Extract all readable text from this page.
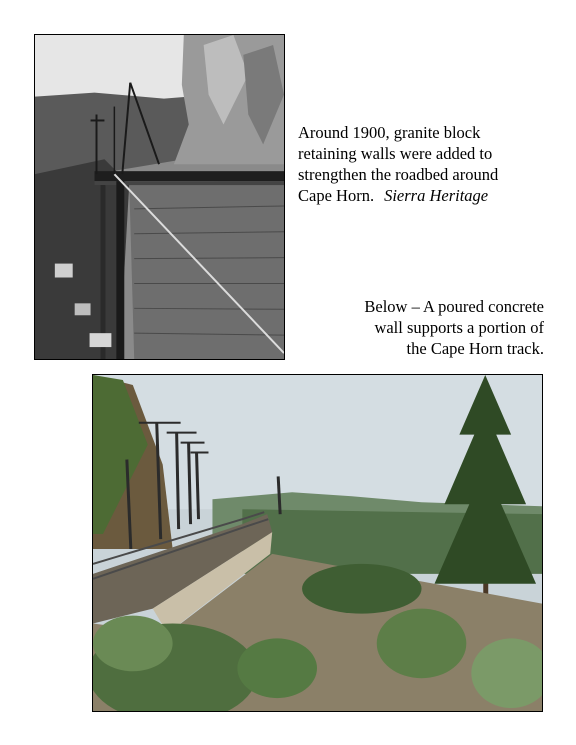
Around 1900, granite block
retaining walls were added to
strengthen the roadbed around
Cape Horn. Sierra Heritage

Below – A poured concrete
wall supports a portion of
the Cape Horn track.
